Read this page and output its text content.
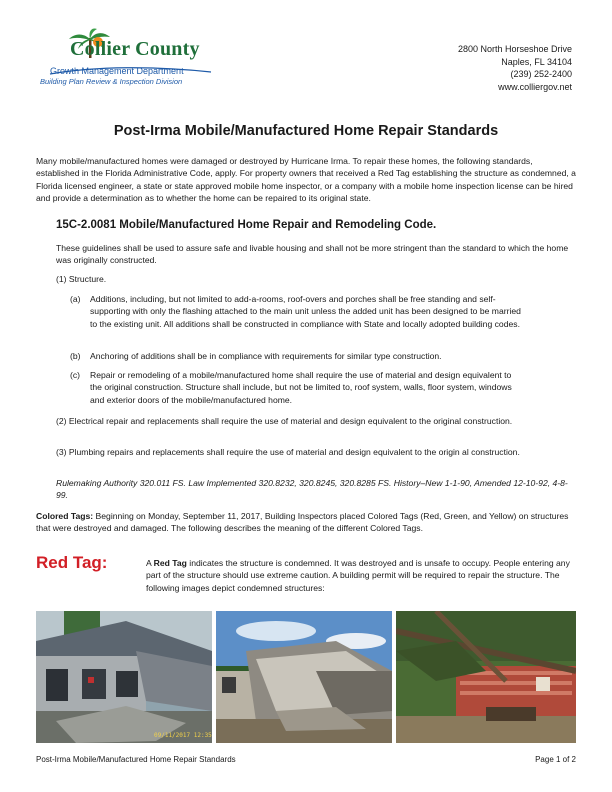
Collier County
Growth Management Department
Building Plan Review & Inspection Division
2800 North Horseshoe Drive
Naples, FL 34104
(239) 252-2400
www.colliergov.net
Post-Irma Mobile/Manufactured Home Repair Standards
Many mobile/manufactured homes were damaged or destroyed by Hurricane Irma. To repair these homes, the following standards, established in the Florida Administrative Code, apply. For property owners that received a Red Tag establishing the structure as condemned, a Florida licensed engineer, a state or state approved mobile home inspector, or a company with a mobile home inspection license can be hired and provide a determination as to whether the home can be repaired to its original state.
15C-2.0081 Mobile/Manufactured Home Repair and Remodeling Code.
These guidelines shall be used to assure safe and livable housing and shall not be more stringent than the standard to which the home was originally constructed.
(1) Structure.
(a) Additions, including, but not limited to add-a-rooms, roof-overs and porches shall be free standing and self-supporting with only the flashing attached to the main unit unless the added unit has been designed to be married to the existing unit. All additions shall be constructed in compliance with State and locally adopted building codes.
(b) Anchoring of additions shall be in compliance with requirements for similar type construction.
(c) Repair or remodeling of a mobile/manufactured home shall require the use of material and design equivalent to the original construction. Structure shall include, but not be limited to, roof system, walls, floor system, windows and exterior doors of the mobile/manufactured home.
(2) Electrical repair and replacements shall require the use of material and design equivalent to the original construction.
(3) Plumbing repairs and replacements shall require the use of material and design equivalent to the origin al construction.
Rulemaking Authority 320.011 FS. Law Implemented 320.8232, 320.8245, 320.8285 FS. History–New 1-1-90, Amended 12-10-92, 4-8-99.
Colored Tags: Beginning on Monday, September 11, 2017, Building Inspectors placed Colored Tags (Red, Green, and Yellow) on structures that were destroyed and damaged. The following describes the meaning of the different Colored Tags.
Red Tag:	A Red Tag indicates the structure is condemned. It was destroyed and is unsafe to occupy. People entering any part of the structure should use extreme caution. A building permit will be required to repair the structure. The following images depict condemned structures:
09/11/2017 12:35
Post-Irma Mobile/Manufactured Home Repair Standards	Page 1 of 2
